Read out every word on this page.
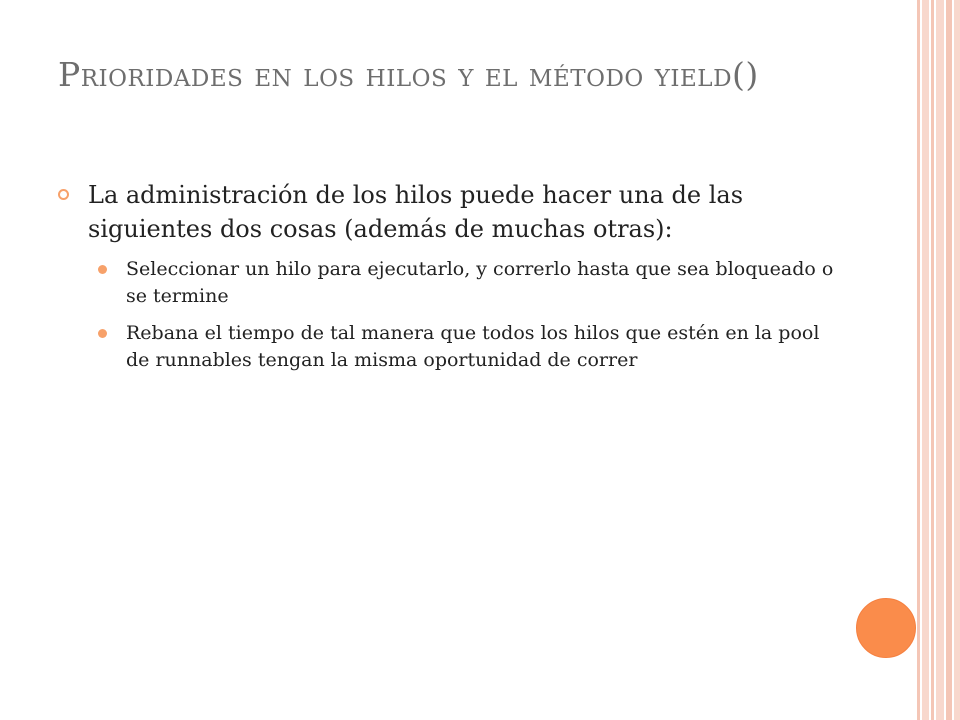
Prioridades en los hilos y el método yield()
La administración de los hilos puede hacer una de las siguientes dos cosas (además de muchas otras):
Seleccionar un hilo para ejecutarlo, y correrlo hasta que sea bloqueado o se termine
Rebana el tiempo de tal manera que todos los hilos que estén en la pool de runnables tengan la misma oportunidad de correr
